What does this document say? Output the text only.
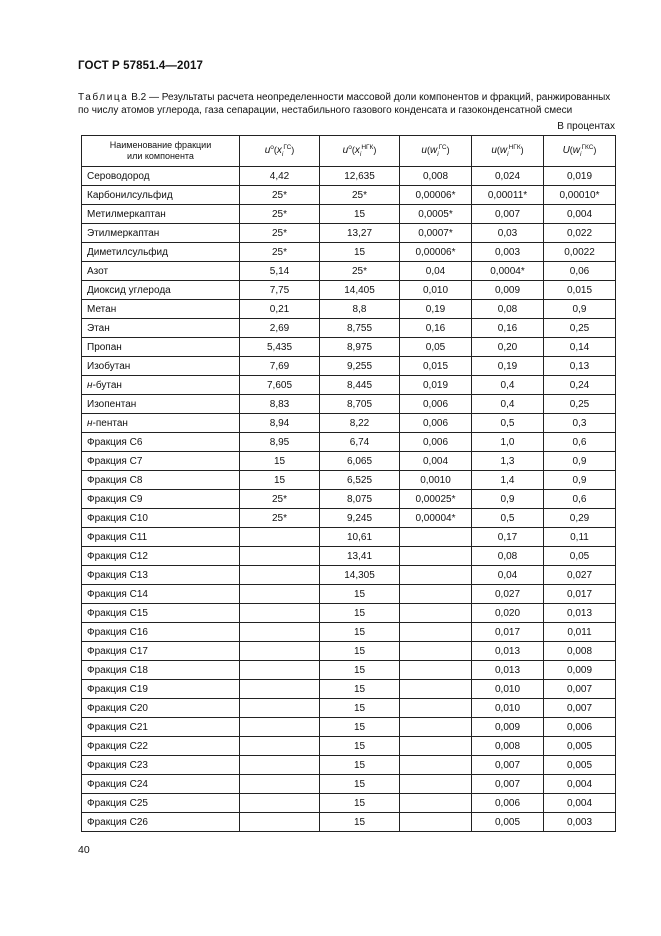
ГОСТ Р 57851.4—2017
Таблица В.2 — Результаты расчета неопределенности массовой доли компонентов и фракций, ранжированных по числу атомов углерода, газа сепарации, нестабильного газового конденсата и газоконденсатной смеси
В процентах
Наименование фракции
или компонента	$u^о(x_i^{ГС})$	$u^о(x_i^{НГК})$	$u(w_i^{ГС})$	$u(w_i^{НГК})$	$U(w_i^{ГКС})$
Сероводород	4,42	12,635	0,008	0,024	0,019
Карбонилсульфид	25*	25*	0,00006*	0,00011*	0,00010*
Метилмеркаптан	25*	15	0,0005*	0,007	0,004
Этилмеркаптан	25*	13,27	0,0007*	0,03	0,022
Диметилсульфид	25*	15	0,00006*	0,003	0,0022
Азот	5,14	25*	0,04	0,0004*	0,06
Диоксид углерода	7,75	14,405	0,010	0,009	0,015
Метан	0,21	8,8	0,19	0,08	0,9
Этан	2,69	8,755	0,16	0,16	0,25
Пропан	5,435	8,975	0,05	0,20	0,14
Изобутан	7,69	9,255	0,015	0,19	0,13
н-бутан	7,605	8,445	0,019	0,4	0,24
Изопентан	8,83	8,705	0,006	0,4	0,25
н-пентан	8,94	8,22	0,006	0,5	0,3
Фракция С6	8,95	6,74	0,006	1,0	0,6
Фракция С7	15	6,065	0,004	1,3	0,9
Фракция С8	15	6,525	0,0010	1,4	0,9
Фракция С9	25*	8,075	0,00025*	0,9	0,6
Фракция С10	25*	9,245	0,00004*	0,5	0,29
Фракция С11		10,61		0,17	0,11
Фракция С12		13,41		0,08	0,05
Фракция С13		14,305		0,04	0,027
Фракция С14		15		0,027	0,017
Фракция С15		15		0,020	0,013
Фракция С16		15		0,017	0,011
Фракция С17		15		0,013	0,008
Фракция С18		15		0,013	0,009
Фракция С19		15		0,010	0,007
Фракция С20		15		0,010	0,007
Фракция С21		15		0,009	0,006
Фракция С22		15		0,008	0,005
Фракция С23		15		0,007	0,005
Фракция С24		15		0,007	0,004
Фракция С25		15		0,006	0,004
Фракция С26		15		0,005	0,003
40
